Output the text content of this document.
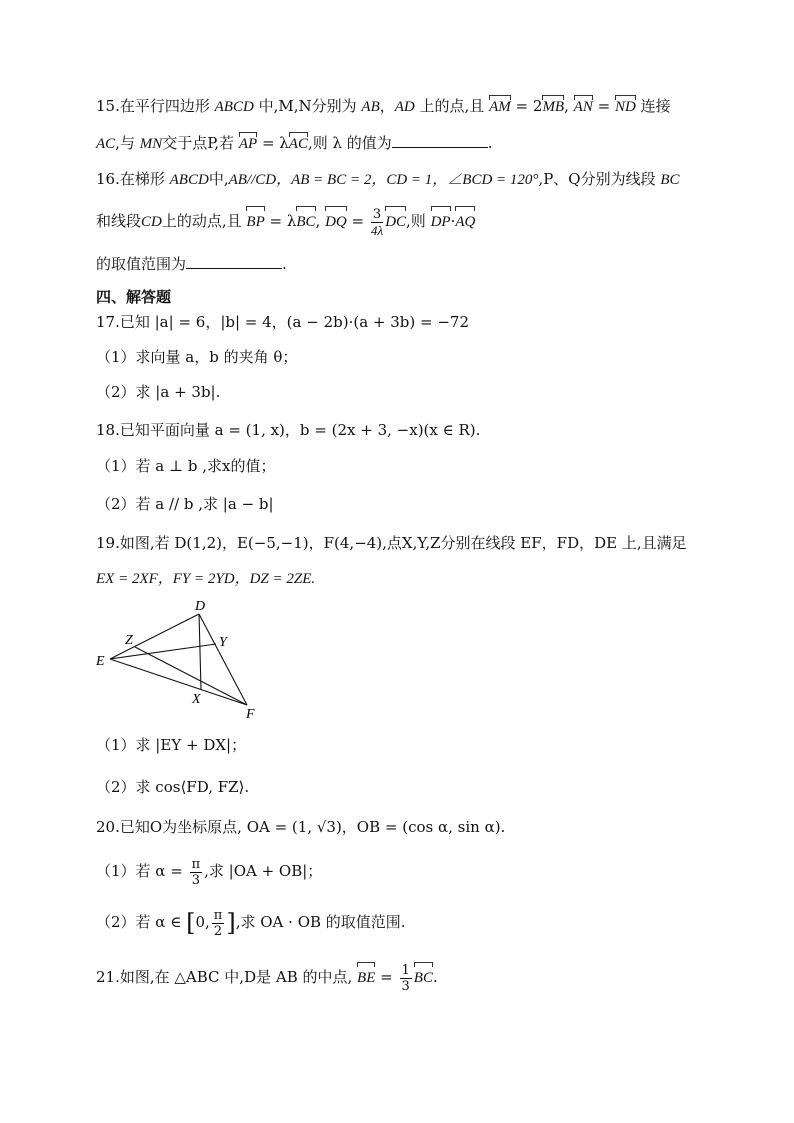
15.在平行四边形 ABCD 中,M,N分别为 AB，AD 上的点,且 AM = 2MB, AN = ND 连接
AC,与 MN交于点P,若 AP = λAC,则 λ 的值为	.
16.在梯形 ABCD中,AB//CD，AB = BC = 2，CD = 1，∠BCD = 120°,P、Q分别为线段 BC
和线段CD上的动点,且 BP = λBC, DQ = $\frac{3}{4\lambda}$ DC,则 DP·AQ
的取值范围为	.
四、解答题
17.已知 |a| = 6，|b| = 4，(a − 2b)·(a + 3b) = −72
（1）求向量 a，b 的夹角 θ；
（2）求 |a + 3b|.
18.已知平面向量 a = (1, x)，b = (2x + 3, −x)(x ∈ R).
（1）若 a ⊥ b ,求x的值；
（2）若 a // b ,求 |a − b|
19.如图,若 D(1,2)，E(−5,−1)，F(4,−4),点X,Y,Z分别在线段 EF，FD，DE 上,且满足
EX = 2XF，FY = 2YD，DZ = 2ZE.
D
E
F
X
Y
Z
（1）求 |EY + DX|；
（2）求 cos⟨FD, FZ⟩.
20.已知O为坐标原点, OA = (1, √3)，OB = (cos α, sin α).
（1）若 $\alpha = \frac{\pi}{3}$ ,求 |OA + OB|；
（2）若 α ∈ [0, $\frac{\pi}{2}$ ],求 OA · OB 的取值范围.
21.如图,在 △ABC 中,D是 AB 的中点, BE = $\frac{1}{3}$ BC.
